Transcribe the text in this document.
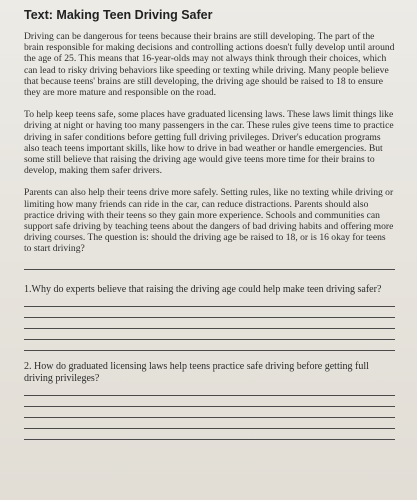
Text: Making Teen Driving Safer

Driving can be dangerous for teens because their brains are still developing. The part of the brain responsible for making decisions and controlling actions doesn't fully develop until around the age of 25. This means that 16-year-olds may not always think through their choices, which can lead to risky driving behaviors like speeding or texting while driving. Many people believe that because teens' brains are still developing, the driving age should be raised to 18 to ensure they are more mature and responsible on the road.

To help keep teens safe, some places have graduated licensing laws. These laws limit things like driving at night or having too many passengers in the car. These rules give teens time to practice driving in safer conditions before getting full driving privileges. Driver's education programs also teach teens important skills, like how to drive in bad weather or handle emergencies. But some still believe that raising the driving age would give teens more time for their brains to develop, making them safer drivers.

Parents can also help their teens drive more safely. Setting rules, like no texting while driving or limiting how many friends can ride in the car, can reduce distractions. Parents should also practice driving with their teens so they gain more experience. Schools and communities can support safe driving by teaching teens about the dangers of bad driving habits and offering more driving courses. The question is: should the driving age be raised to 18, or is 16 okay for teens to start driving?

1.Why do experts believe that raising the driving age could help make teen driving safer?

2. How do graduated licensing laws help teens practice safe driving before getting full driving privileges?
